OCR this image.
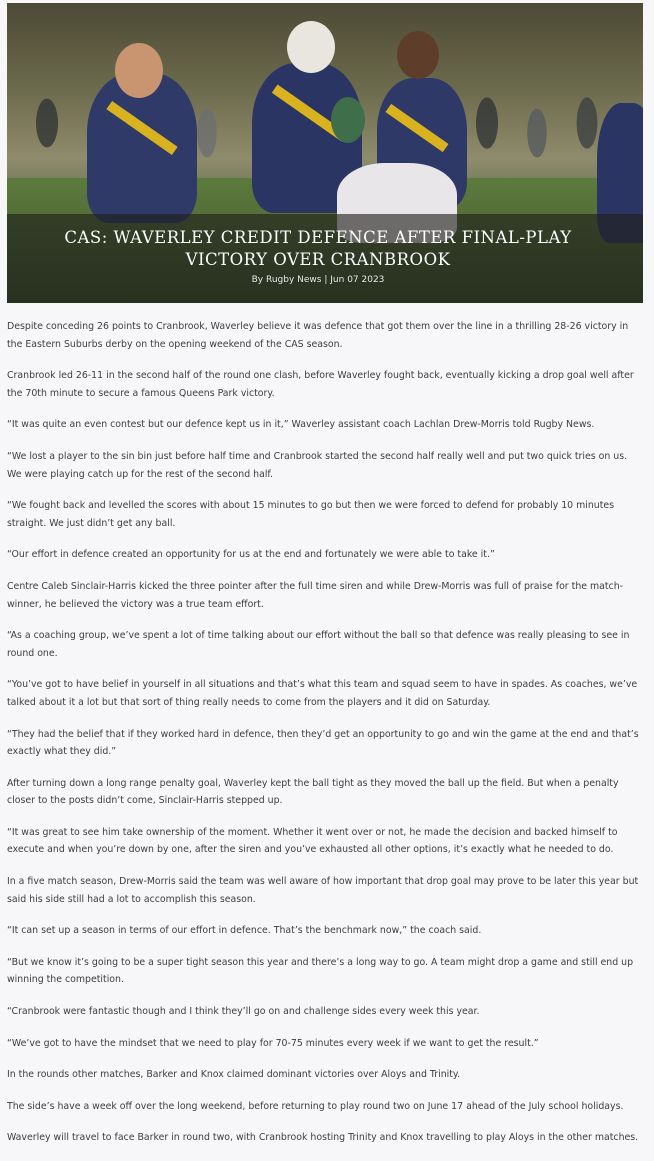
CAS: WAVERLEY CREDIT DEFENCE AFTER FINAL-PLAY VICTORY OVER CRANBROOK
By Rugby News | Jun 07 2023

Despite conceding 26 points to Cranbrook, Waverley believe it was defence that got them over the line in a thrilling 28-26 victory in the Eastern Suburbs derby on the opening weekend of the CAS season.

Cranbrook led 26-11 in the second half of the round one clash, before Waverley fought back, eventually kicking a drop goal well after the 70th minute to secure a famous Queens Park victory.

“It was quite an even contest but our defence kept us in it,” Waverley assistant coach Lachlan Drew-Morris told Rugby News.

“We lost a player to the sin bin just before half time and Cranbrook started the second half really well and put two quick tries on us. We were playing catch up for the rest of the second half.

“We fought back and levelled the scores with about 15 minutes to go but then we were forced to defend for probably 10 minutes straight. We just didn’t get any ball.

“Our effort in defence created an opportunity for us at the end and fortunately we were able to take it.”

Centre Caleb Sinclair-Harris kicked the three pointer after the full time siren and while Drew-Morris was full of praise for the match-winner, he believed the victory was a true team effort.

“As a coaching group, we’ve spent a lot of time talking about our effort without the ball so that defence was really pleasing to see in round one.

“You’ve got to have belief in yourself in all situations and that’s what this team and squad seem to have in spades. As coaches, we’ve talked about it a lot but that sort of thing really needs to come from the players and it did on Saturday.

“They had the belief that if they worked hard in defence, then they’d get an opportunity to go and win the game at the end and that’s exactly what they did.”

After turning down a long range penalty goal, Waverley kept the ball tight as they moved the ball up the field. But when a penalty closer to the posts didn’t come, Sinclair-Harris stepped up.

“It was great to see him take ownership of the moment. Whether it went over or not, he made the decision and backed himself to execute and when you’re down by one, after the siren and you’ve exhausted all other options, it’s exactly what he needed to do.

In a five match season, Drew-Morris said the team was well aware of how important that drop goal may prove to be later this year but said his side still had a lot to accomplish this season.

“It can set up a season in terms of our effort in defence. That’s the benchmark now,” the coach said.

“But we know it’s going to be a super tight season this year and there’s a long way to go. A team might drop a game and still end up winning the competition.

“Cranbrook were fantastic though and I think they’ll go on and challenge sides every week this year.

“We’ve got to have the mindset that we need to play for 70-75 minutes every week if we want to get the result.”

In the rounds other matches, Barker and Knox claimed dominant victories over Aloys and Trinity.

The side’s have a week off over the long weekend, before returning to play round two on June 17 ahead of the July school holidays.

Waverley will travel to face Barker in round two, with Cranbrook hosting Trinity and Knox travelling to play Aloys in the other matches.
